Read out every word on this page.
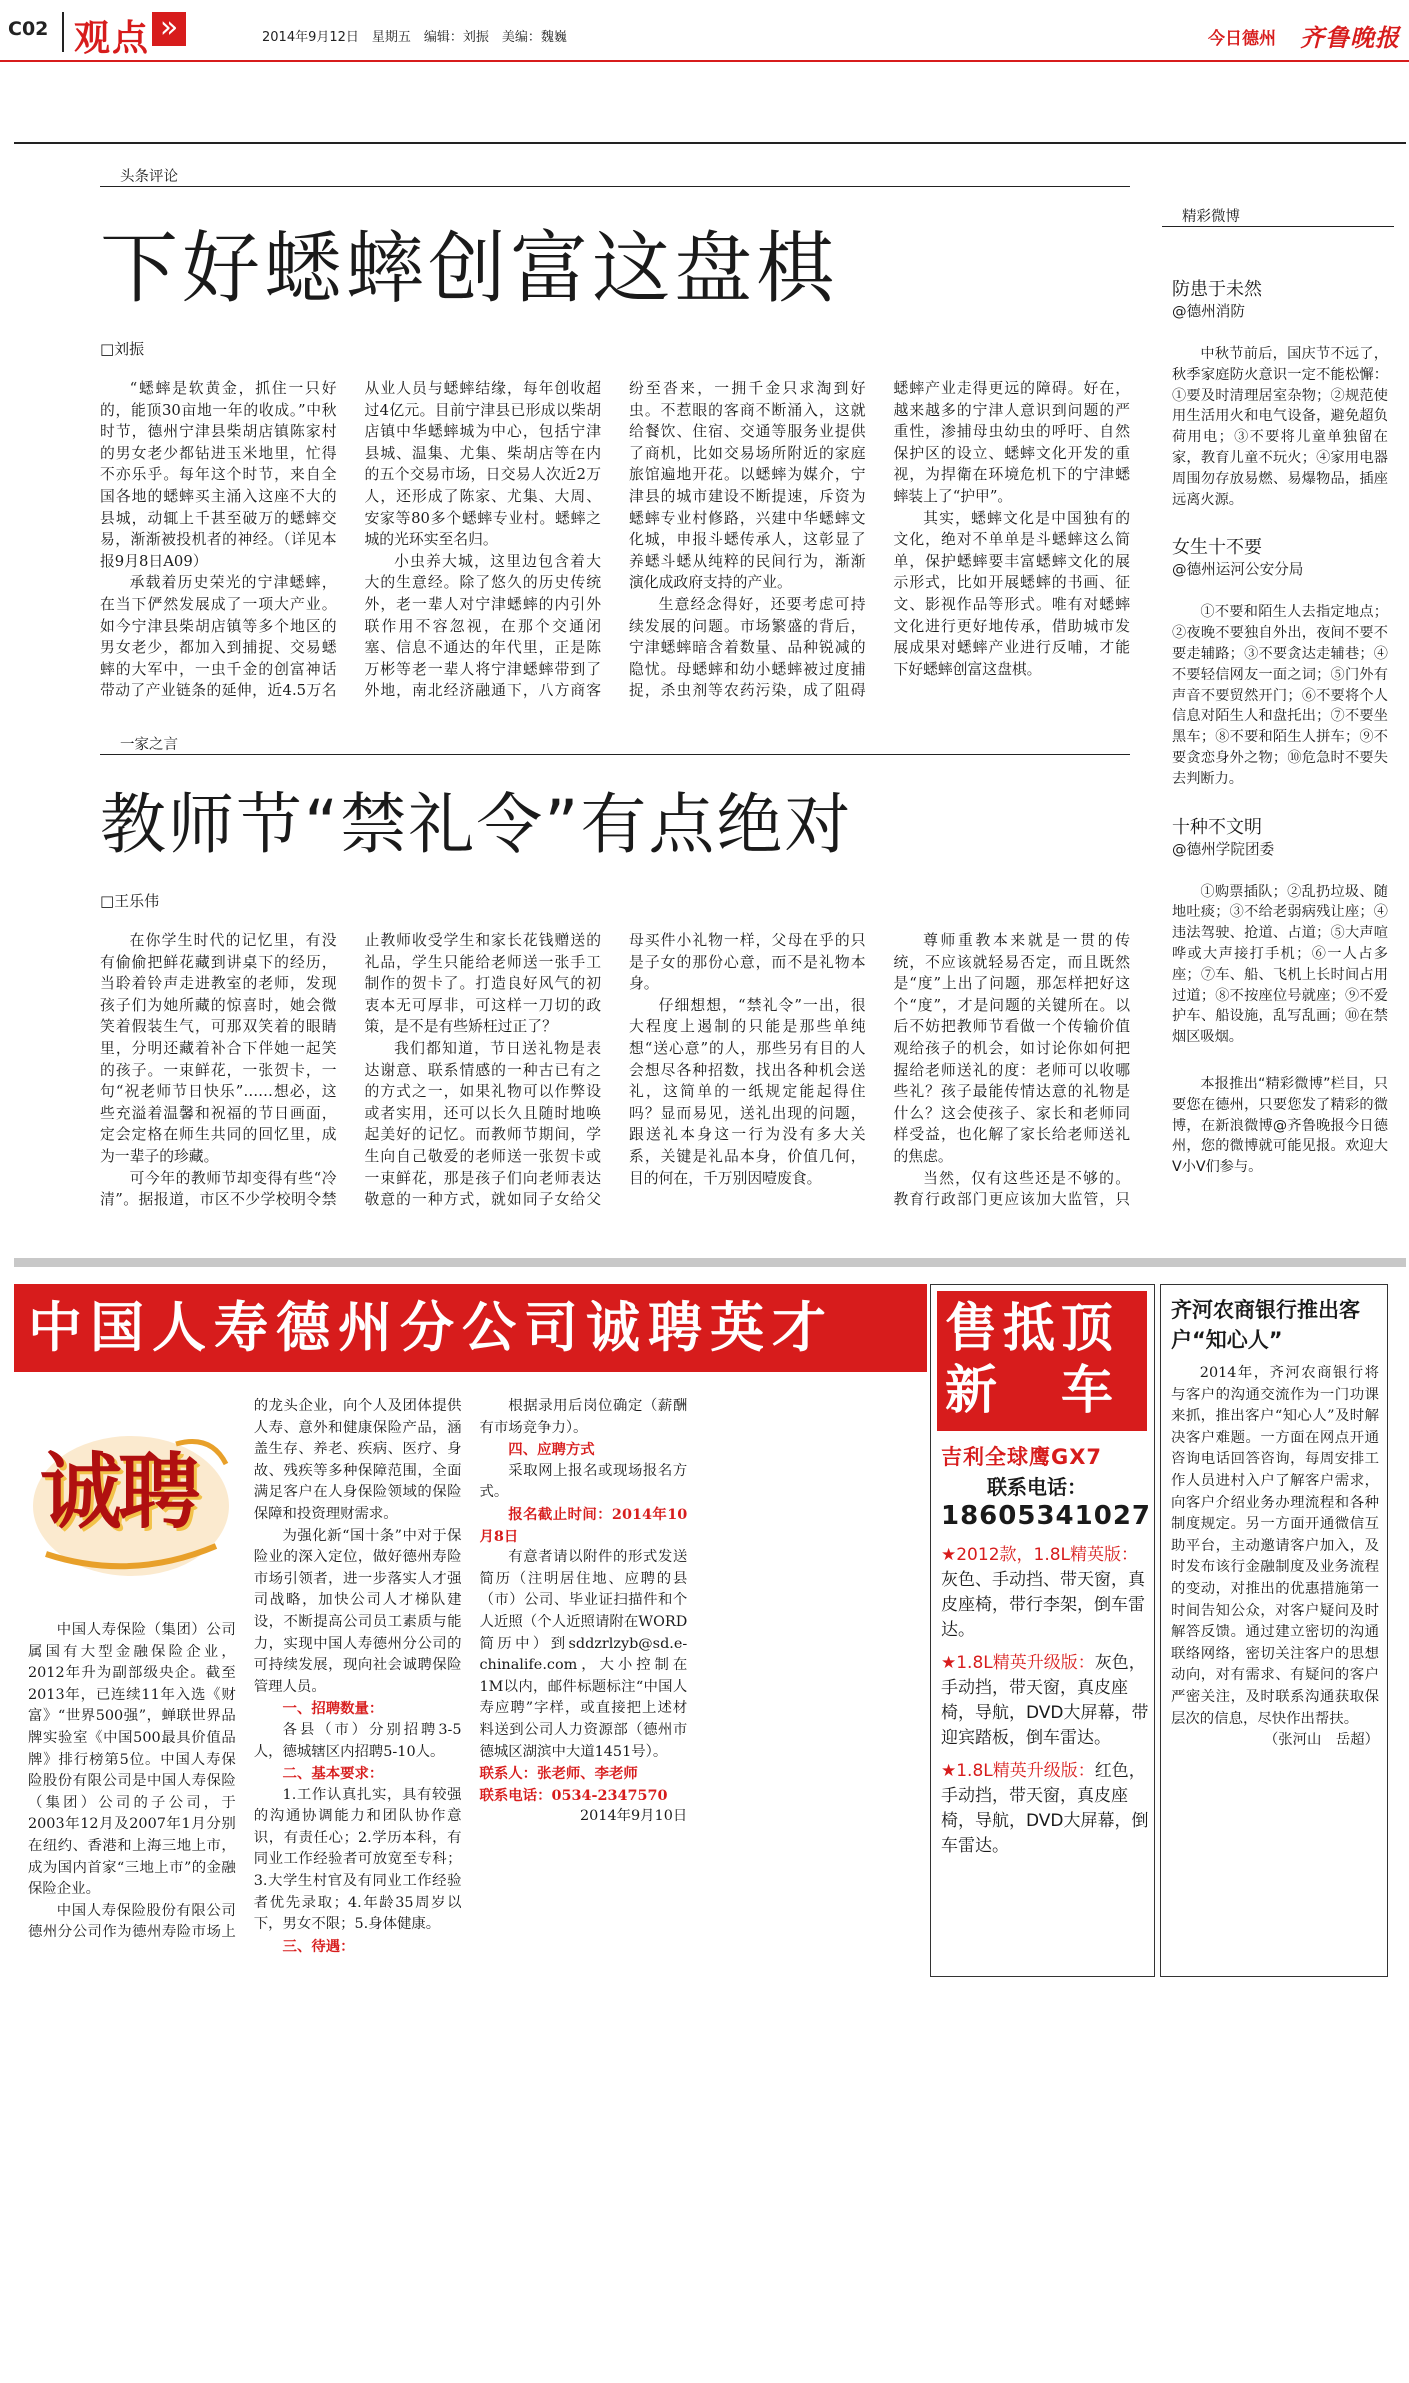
C02 观点 »	2014年9月12日　星期五　编辑：刘振　美编：魏巍	今日德州 齐鲁晚报
头条评论
下好蟋蟀创富这盘棋
□刘振

“蟋蟀是软黄金，抓住一只好的，能顶30亩地一年的收成。”中秋时节，德州宁津县柴胡店镇陈家村的男女老少都钻进玉米地里，忙得不亦乐乎。每年这个时节，来自全国各地的蟋蟀买主涌入这座不大的县城，动辄上千甚至破万的蟋蟀交易，渐渐被投机者的神经。（详见本报9月8日A09）

承载着历史荣光的宁津蟋蟀，在当下俨然发展成了一项大产业。如今宁津县柴胡店镇等多个地区的男女老少，都加入到捕捉、交易蟋蟀的大军中，一虫千金的创富神话带动了产业链条的延伸，近4.5万名从业人员与蟋蟀结缘，每年创收超过4亿元。目前宁津县已形成以柴胡店镇中华蟋蟀城为中心，包括宁津县城、温集、尤集、柴胡店等在内的五个交易市场，日交易人次近2万人，还形成了陈家、尤集、大周、安家等80多个蟋蟀专业村。蟋蟀之城的光环实至名归。

小虫养大城，这里边包含着大大的生意经。除了悠久的历史传统外，老一辈人对宁津蟋蟀的内引外联作用不容忽视，在那个交通闭塞、信息不通达的年代里，正是陈万彬等老一辈人将宁津蟋蟀带到了外地，南北经济融通下，八方商客纷至沓来，一拥千金只求淘到好虫。不惹眼的客商不断涌入，这就给餐饮、住宿、交通等服务业提供了商机，比如交易场所附近的家庭旅馆遍地开花。以蟋蟀为媒介，宁津县的城市建设不断提速，斥资为蟋蟀专业村修路，兴建中华蟋蟀文化城，申报斗蟋传承人，这彰显了养蟋斗蟋从纯粹的民间行为，渐渐演化成政府支持的产业。

生意经念得好，还要考虑可持续发展的问题。市场繁盛的背后，宁津蟋蟀暗含着数量、品种锐减的隐忧。母蟋蟀和幼小蟋蟀被过度捕捉，杀虫剂等农药污染，成了阻碍蟋蟀产业走得更远的障碍。好在，越来越多的宁津人意识到问题的严重性，渗捕母虫幼虫的呼吁、自然保护区的设立、蟋蟀文化开发的重视，为捍衛在环境危机下的宁津蟋蟀装上了“护甲”。

其实，蟋蟀文化是中国独有的文化，绝对不单单是斗蟋蟀这么简单，保护蟋蟀要丰富蟋蟀文化的展示形式，比如开展蟋蟀的书画、征文、影视作品等形式。唯有对蟋蟀文化进行更好地传承，借助城市发展成果对蟋蟀产业进行反哺，才能下好蟋蟀创富这盘棋。

一家之言
教师节“禁礼令”有点绝对
□王乐伟

在你学生时代的记忆里，有没有偷偷把鲜花藏到讲桌下的经历，当聆着铃声走进教室的老师，发现孩子们为她所藏的惊喜时，她会微笑着假装生气，可那双笑着的眼睛里，分明还藏着补合下伴她一起笑的孩子。一束鲜花，一张贺卡，一句“祝老师节日快乐”……想必，这些充溢着温馨和祝福的节日画面，定会定格在师生共同的回忆里，成为一辈子的珍藏。

可今年的教师节却变得有些“冷清”。据报道，市区不少学校明令禁止教师收受学生和家长花钱赠送的礼品，学生只能给老师送一张手工制作的贺卡了。打造良好风气的初衷本无可厚非，可这样一刀切的政策，是不是有些矫枉过正了？

我们都知道，节日送礼物是表达谢意、联系情感的一种古已有之的方式之一，如果礼物可以作弊设或者实用，还可以长久且随时地唤起美好的记忆。而教师节期间，学生向自己敬爱的老师送一张贺卡或一束鲜花，那是孩子们向老师表达敬意的一种方式，就如同子女给父母买件小礼物一样，父母在乎的只是子女的那份心意，而不是礼物本身。

仔细想想，“禁礼令”一出，很大程度上遏制的只能是那些单纯想“送心意”的人，那些另有目的人会想尽各种招数，找出各种机会送礼，这简单的一纸规定能起得住吗？显而易见，送礼出现的问题，跟送礼本身这一行为没有多大关系，关键是礼品本身，价值几何，目的何在，千万别因噎废食。

尊师重教本来就是一贯的传统，不应该就轻易否定，而且既然是“度”上出了问题，那怎样把好这个“度”，才是问题的关键所在。以后不妨把教师节看做一个传输价值观给孩子的机会，如讨论你如何把握给老师送礼的度：老师可以收哪些礼？孩子最能传情达意的礼物是什么？这会使孩子、家长和老师同样受益，也化解了家长给老师送礼的焦虑。

当然，仅有这些还是不够的。教育行政部门更应该加大监管，只

精彩微博
防患于未然
@德州消防

中秋节前后，国庆节不远了，秋季家庭防火意识一定不能松懈：①要及时清理居室杂物；②规范使用生活用火和电气设备，避免超负荷用电；③不要将儿童单独留在家，教育儿童不玩火；④家用电器周围勿存放易燃、易爆物品，插座远离火源。

女生十不要
@德州运河公安分局

①不要和陌生人去指定地点；②夜晚不要独自外出，夜间不要不要走辅路；③不要贪达走辅巷；④不要轻信网友一面之词；⑤门外有声音不要贸然开门；⑥不要将个人信息对陌生人和盘托出；⑦不要坐黑车；⑧不要和陌生人拼车；⑨不要贪恋身外之物；⑩危急时不要失去判断力。

十种不文明
@德州学院团委

①购票插队；②乱扔垃圾、随地吐痰；③不给老弱病残让座；④违法驾驶、抢道、占道；⑤大声喧哗或大声接打手机；⑥一人占多座；⑦车、船、飞机上长时间占用过道；⑧不按座位号就座；⑨不爱护车、船设施，乱写乱画；⑩在禁烟区吸烟。

本报推出“精彩微博”栏目，只要您在德州，只要您发了精彩的微博，在新浪微博@齐鲁晚报今日德州，您的微博就可能见报。欢迎大V小V们参与。

中国人寿德州分公司诚聘英才
诚聘

中国人寿保险（集团）公司属国有大型金融保险企业，2012年升为副部级央企。截至2013年，已连续11年入选《财富》“世界500强”，蝉联世界品牌实验室《中国500最具价值品牌》排行榜第5位。中国人寿保险股份有限公司是中国人寿保险（集团）公司的子公司，于2003年12月及2007年1月分别在纽约、香港和上海三地上市，成为国内首家“三地上市”的金融保险企业。

中国人寿保险股份有限公司德州分公司作为德州寿险市场上的龙头企业，向个人及团体提供人寿、意外和健康保险产品，涵盖生存、养老、疾病、医疗、身故、残疾等多种保障范围，全面满足客户在人身保险领域的保险保障和投资理财需求。

为强化新“国十条”中对于保险业的深入定位，做好德州寿险市场引领者，进一步落实人才强司战略，加快公司人才梯队建设，不断提高公司员工素质与能力，实现中国人寿德州分公司的可持续发展，现向社会诚聘保险管理人员。

一、招聘数量：

各县（市）分别招聘3-5人，德城辖区内招聘5-10人。

二、基本要求：

1.工作认真扎实，具有较强的沟通协调能力和团队协作意识，有责任心；2.学历本科，有同业工作经验者可放宽至专科；3.大学生村官及有同业工作经验者优先录取；4.年龄35周岁以下，男女不限；5.身体健康。

三、待遇：

根据录用后岗位确定（薪酬有市场竞争力）。

四、应聘方式

采取网上报名或现场报名方式。

报名截止时间：2014年10月8日

有意者请以附件的形式发送简历（注明居住地、应聘的县（市）公司、毕业证扫描件和个人近照（个人近照请附在WORD简历中）到sddzrlzyb@sd.e-chinalife.com，大小控制在1M以内，邮件标题标注“中国人寿应聘”字样，或直接把上述材料送到公司人力资源部（德州市德城区湖滨中大道1451号）。

联系人：张老师、李老师

联系电话：0534-2347570

2014年9月10日

售抵顶
新　车
吉利全球鹰GX7
联系电话：
18605341027

★2012款，1.8L精英版：灰色、手动挡、带天窗，真皮座椅，带行李架，倒车雷达。

★1.8L精英升级版：灰色，手动挡，带天窗，真皮座椅，导航，DVD大屏幕，带迎宾踏板，倒车雷达。

★1.8L精英升级版：红色，手动挡，带天窗，真皮座椅，导航，DVD大屏幕，倒车雷达。

齐河农商银行推出客户“知心人”

2014年，齐河农商银行将与客户的沟通交流作为一门功课来抓，推出客户“知心人”及时解决客户难题。一方面在网点开通咨询电话回答咨询，每周安排工作人员进村入户了解客户需求，向客户介绍业务办理流程和各种制度规定。另一方面开通微信互助平台，主动邀请客户加入，及时发布该行金融制度及业务流程的变动，对推出的优惠措施第一时间告知公众，对客户疑问及时解答反馈。通过建立密切的沟通联络网络，密切关注客户的思想动向，对有需求、有疑问的客户严密关注，及时联系沟通获取保层次的信息，尽快作出帮扶。

（张河山　岳超）
